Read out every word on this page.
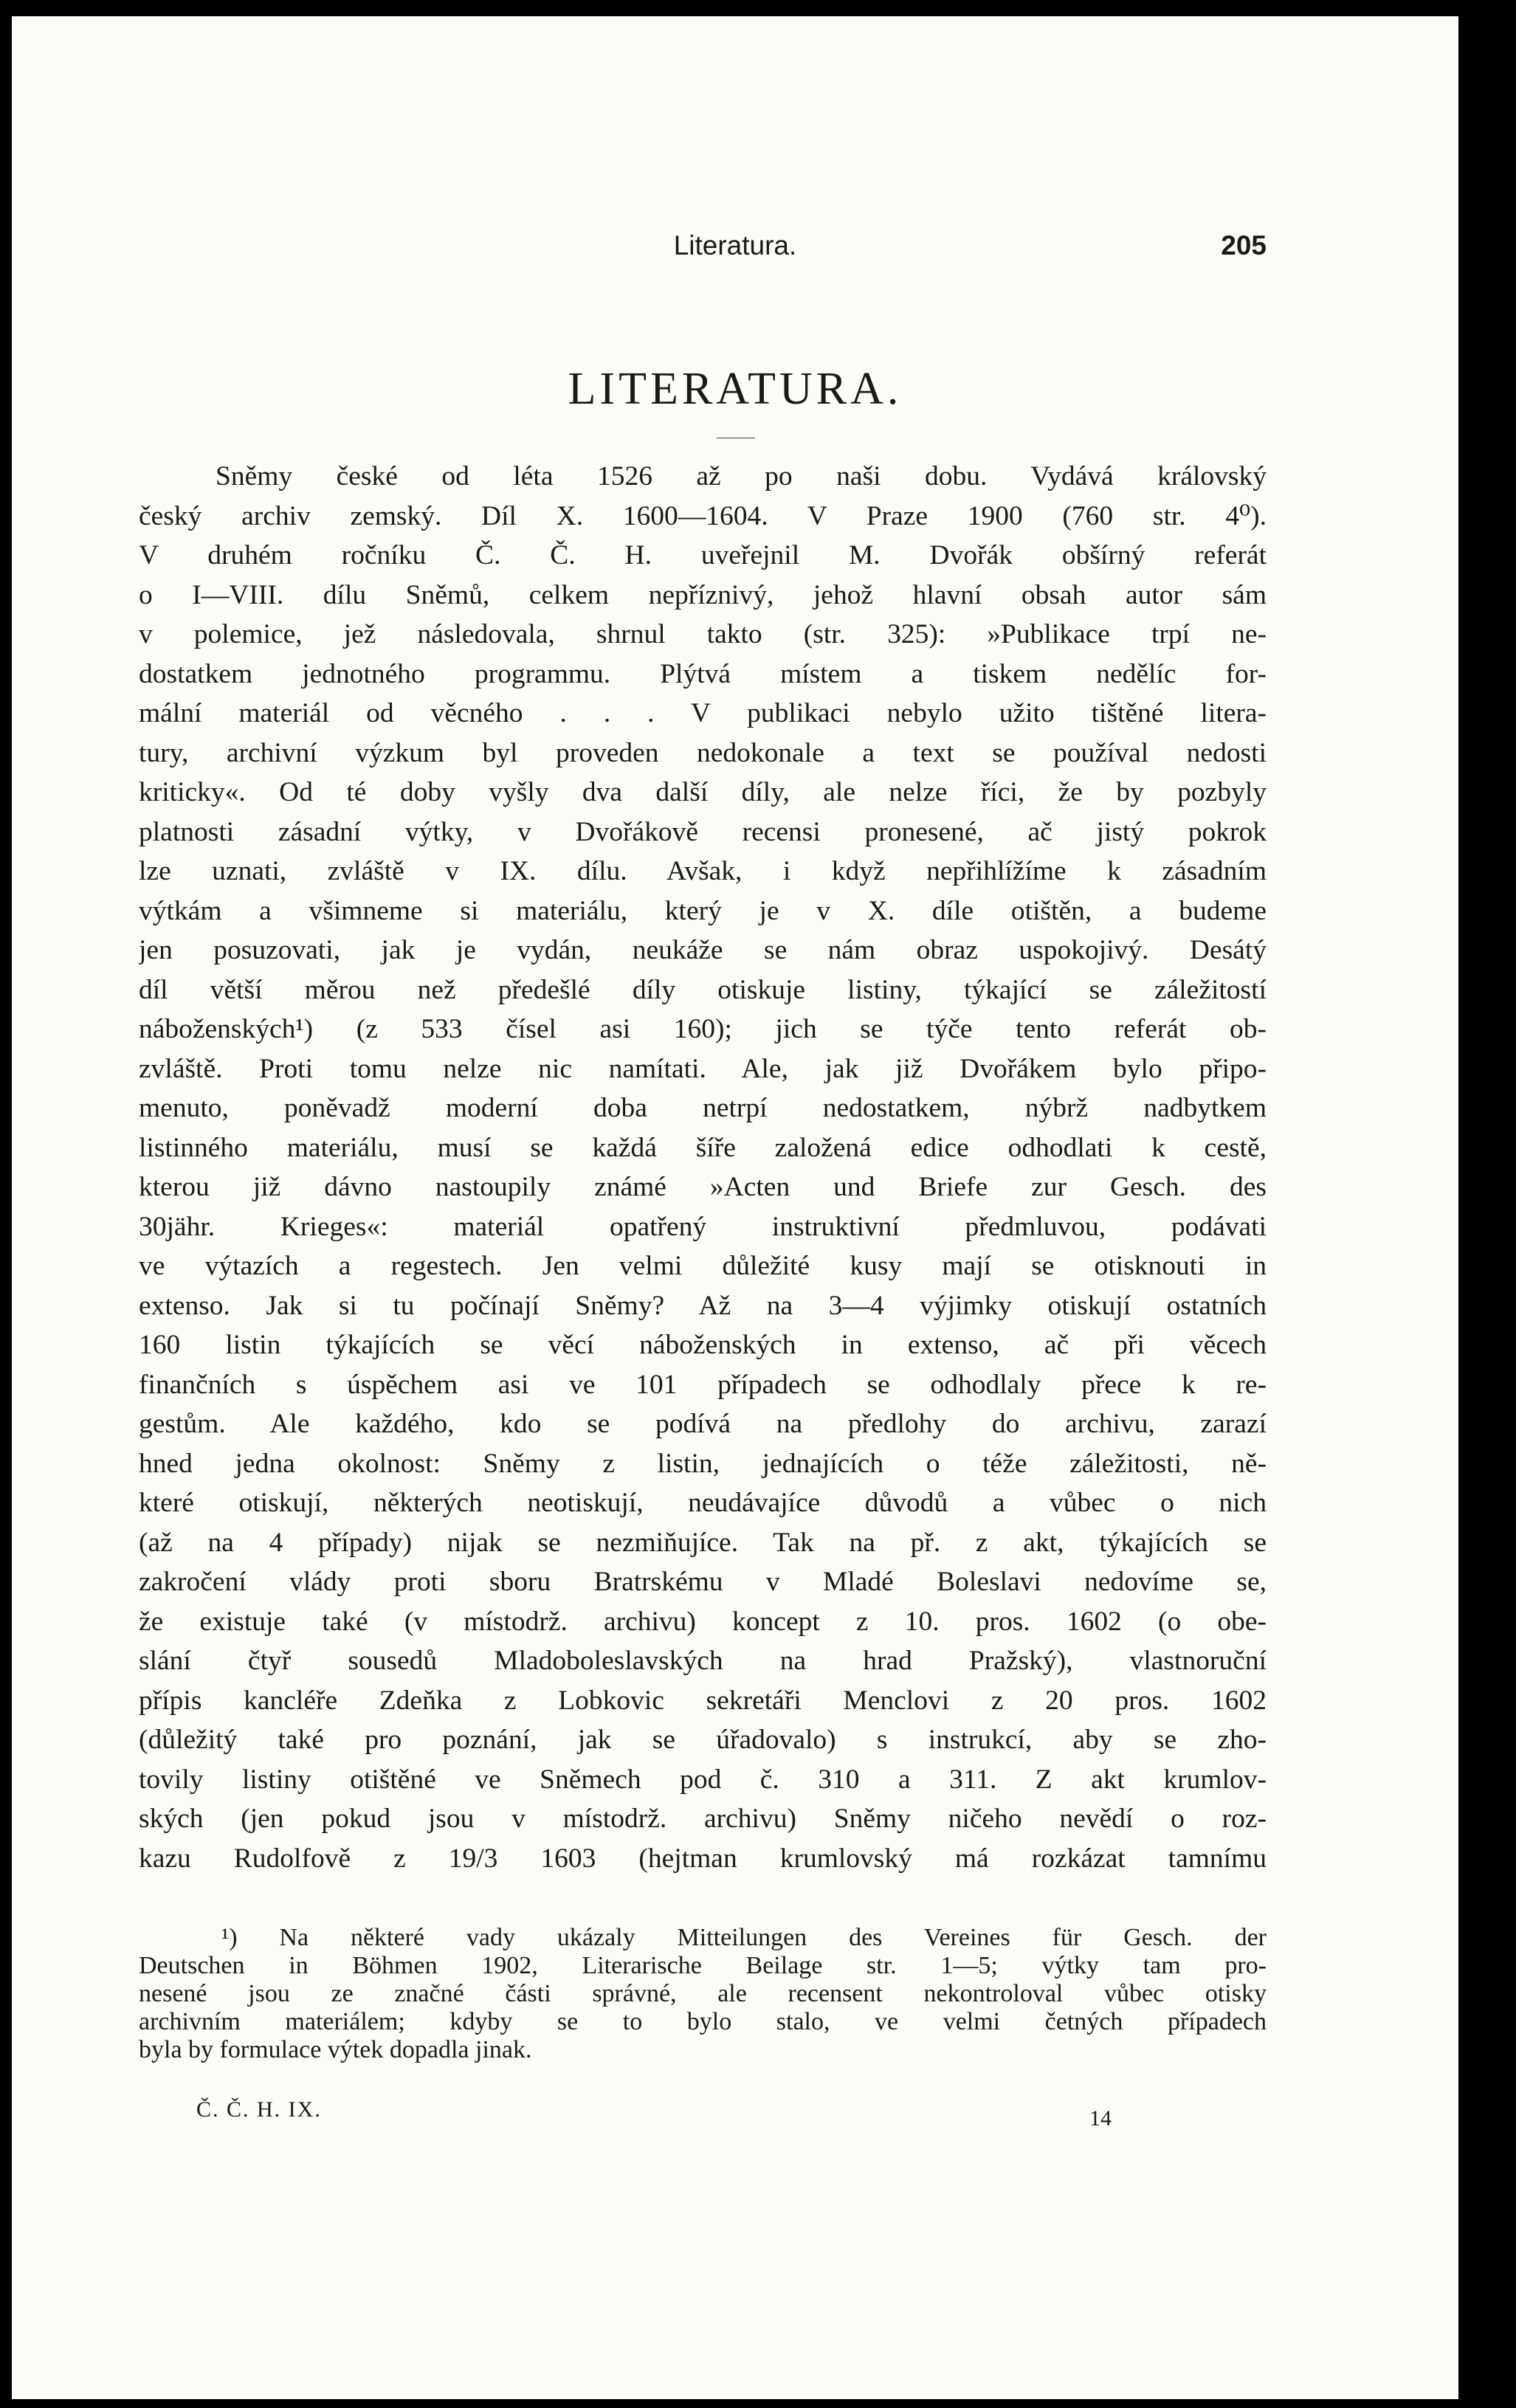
Literatura.	205
LITERATURA.
Sněmy české od léta 1526 až po naši dobu. Vydává královský
český archiv zemský. Díl X. 1600—1604. V Praze 1900 (760 str. 4⁰).
V druhém ročníku Č. Č. H. uveřejnil M. Dvořák obšírný referát
o I—VIII. dílu Sněmů, celkem nepříznivý, jehož hlavní obsah autor sám
v polemice, jež následovala, shrnul takto (str. 325): »Publikace trpí ne-
dostatkem jednotného programmu. Plýtvá místem a tiskem nedělíc for-
mální materiál od věcného . . . V publikaci nebylo užito tištěné litera-
tury, archivní výzkum byl proveden nedokonale a text se používal nedosti
kriticky«. Od té doby vyšly dva další díly, ale nelze říci, že by pozbyly
platnosti zásadní výtky, v Dvořákově recensi pronesené, ač jistý pokrok
lze uznati, zvláště v IX. dílu. Avšak, i když nepřihlížíme k zásadním
výtkám a všimneme si materiálu, který je v X. díle otištěn, a budeme
jen posuzovati, jak je vydán, neukáže se nám obraz uspokojivý. Desátý
díl větší měrou než předešlé díly otiskuje listiny, týkající se záležitostí
náboženských¹) (z 533 čísel asi 160); jich se týče tento referát ob-
zvláště. Proti tomu nelze nic namítati. Ale, jak již Dvořákem bylo připo-
menuto, poněvadž moderní doba netrpí nedostatkem, nýbrž nadbytkem
listinného materiálu, musí se každá šíře založená edice odhodlati k cestě,
kterou již dávno nastoupily známé »Acten und Briefe zur Gesch. des
30jähr. Krieges«: materiál opatřený instruktivní předmluvou, podávati
ve výtazích a regestech. Jen velmi důležité kusy mají se otisknouti in
extenso. Jak si tu počínají Sněmy? Až na 3—4 výjimky otiskují ostatních
160 listin týkajících se věcí náboženských in extenso, ač při věcech
finančních s úspěchem asi ve 101 případech se odhodlaly přece k re-
gestům. Ale každého, kdo se podívá na předlohy do archivu, zarazí
hned jedna okolnost: Sněmy z listin, jednajících o téže záležitosti, ně-
které otiskují, některých neotiskují, neudávajíce důvodů a vůbec o nich
(až na 4 případy) nijak se nezmiňujíce. Tak na př. z akt, týkajících se
zakročení vlády proti sboru Bratrskému v Mladé Boleslavi nedovíme se,
že existuje také (v místodrž. archivu) koncept z 10. pros. 1602 (o obe-
slání čtyř sousedů Mladoboleslavských na hrad Pražský), vlastnoruční
přípis kancléře Zdeňka z Lobkovic sekretáři Menclovi z 20 pros. 1602
(důležitý také pro poznání, jak se úřadovalo) s instrukcí, aby se zho-
tovily listiny otištěné ve Sněmech pod č. 310 a 311. Z akt krumlov-
ských (jen pokud jsou v místodrž. archivu) Sněmy ničeho nevědí o roz-
kazu Rudolfově z 19/3 1603 (hejtman krumlovský má rozkázat tamnímu
¹) Na některé vady ukázaly Mitteilungen des Vereines für Gesch. der
Deutschen in Böhmen 1902, Literarische Beilage str. 1—5; výtky tam pro-
nesené jsou ze značné části správné, ale recensent nekontroloval vůbec otisky
archivním materiálem; kdyby se to bylo stalo, ve velmi četných případech
byla by formulace výtek dopadla jinak.
Č. Č. H. IX.	14
